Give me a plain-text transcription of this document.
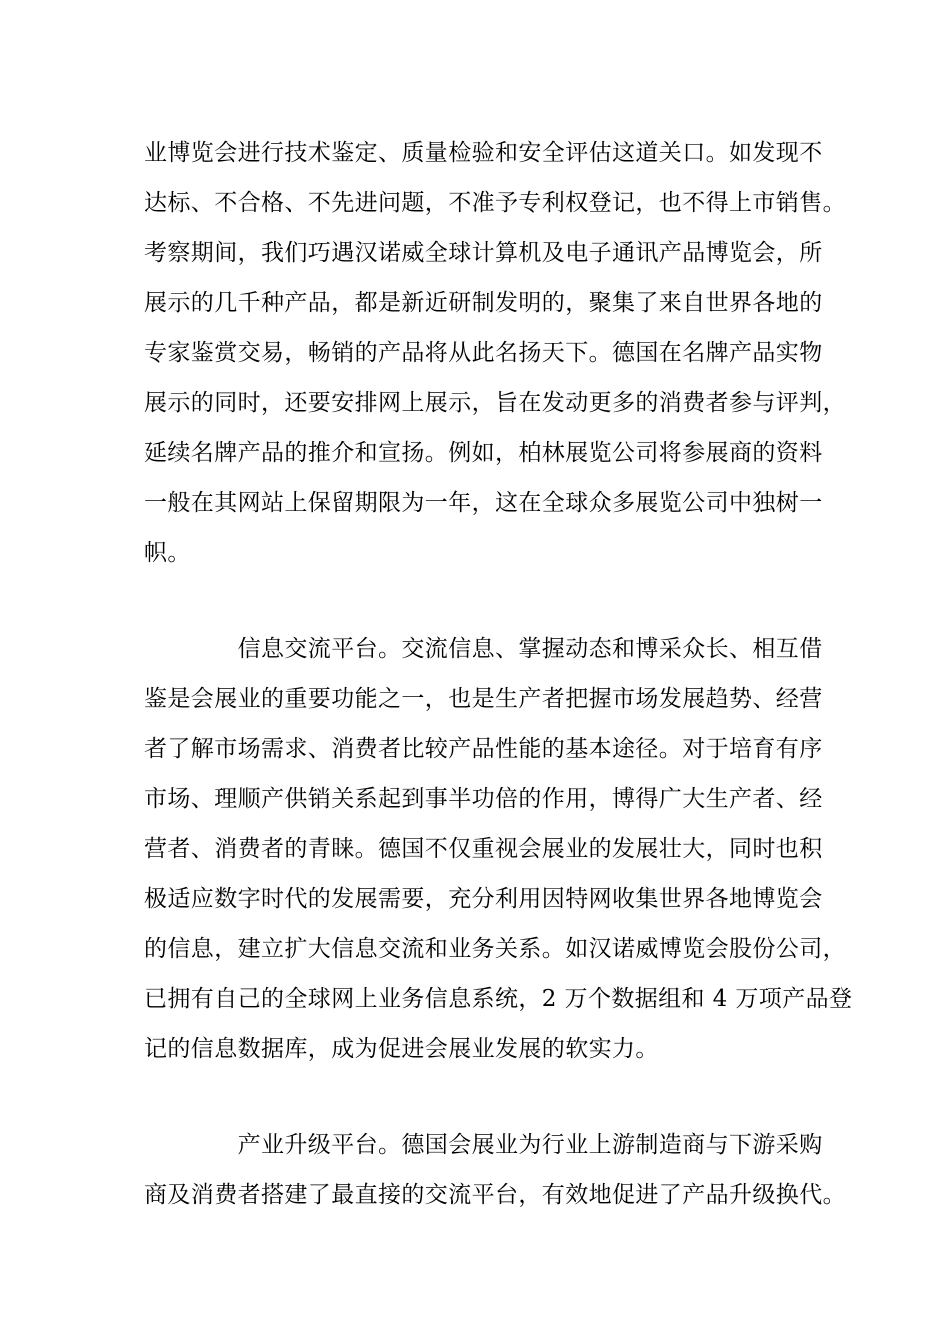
业博览会进行技术鉴定、质量检验和安全评估这道关口。如发现不
达标、不合格、不先进问题，不准予专利权登记，也不得上市销售。
考察期间，我们巧遇汉诺威全球计算机及电子通讯产品博览会，所
展示的几千种产品，都是新近研制发明的，聚集了来自世界各地的
专家鉴赏交易，畅销的产品将从此名扬天下。德国在名牌产品实物
展示的同时，还要安排网上展示，旨在发动更多的消费者参与评判，
延续名牌产品的推介和宣扬。例如，柏林展览公司将参展商的资料
一般在其网站上保留期限为一年，这在全球众多展览公司中独树一
帜。
　　　　信息交流平台。交流信息、掌握动态和博采众长、相互借
鉴是会展业的重要功能之一，也是生产者把握市场发展趋势、经营
者了解市场需求、消费者比较产品性能的基本途径。对于培育有序
市场、理顺产供销关系起到事半功倍的作用，博得广大生产者、经
营者、消费者的青睐。德国不仅重视会展业的发展壮大，同时也积
极适应数字时代的发展需要，充分利用因特网收集世界各地博览会
的信息，建立扩大信息交流和业务关系。如汉诺威博览会股份公司，
已拥有自己的全球网上业务信息系统，2 万个数据组和 4 万项产品登
记的信息数据库，成为促进会展业发展的软实力。
　　　　产业升级平台。德国会展业为行业上游制造商与下游采购
商及消费者搭建了最直接的交流平台，有效地促进了产品升级换代。
